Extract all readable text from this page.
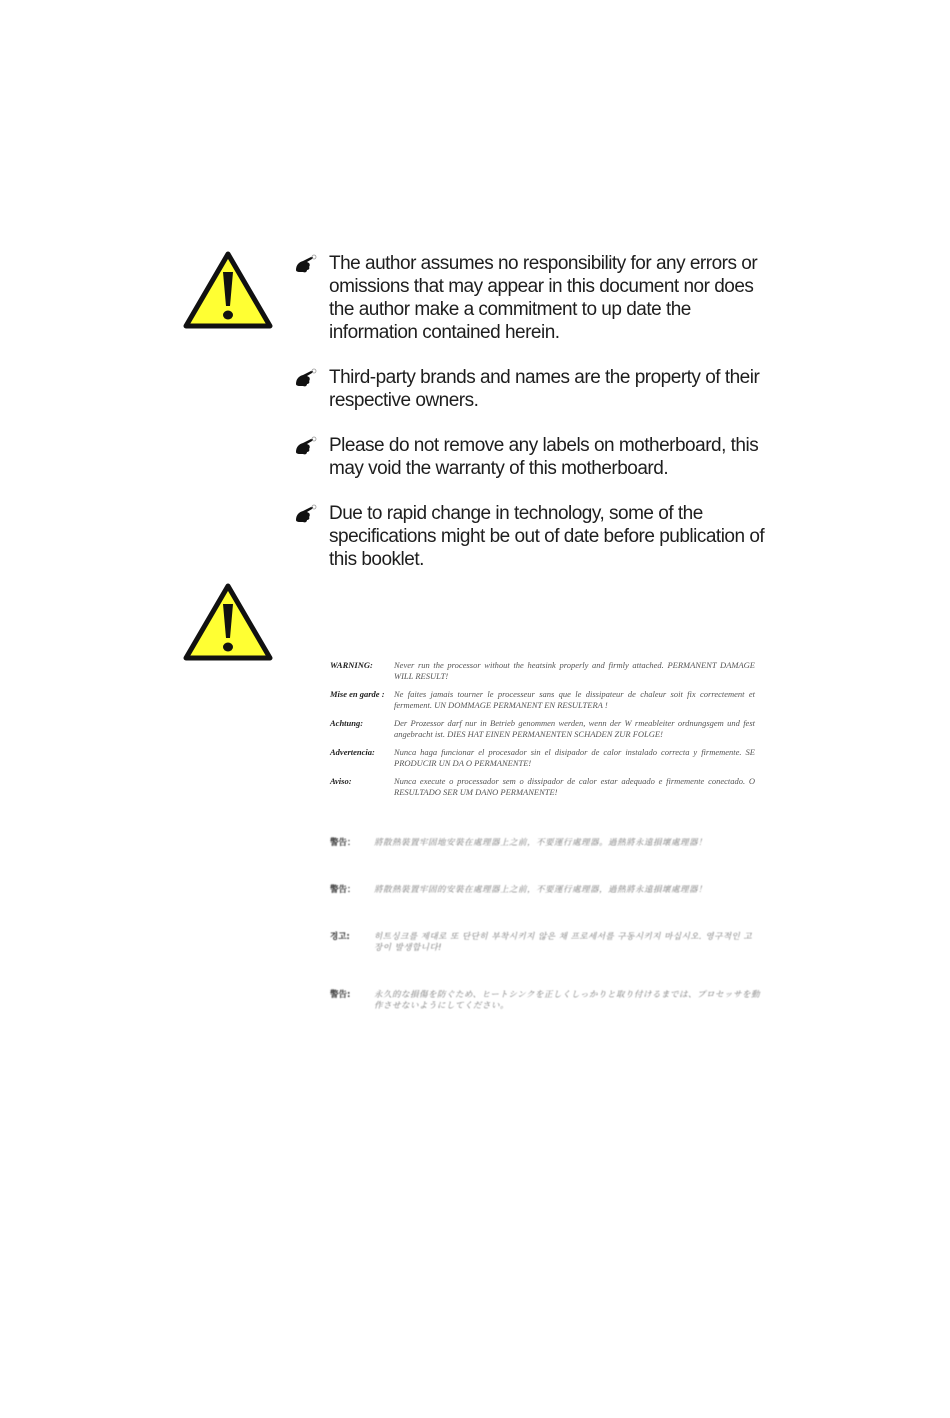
The author assumes no responsibility for any errors or omissions that may appear in this document nor does the author make a commitment to up date the information contained herein.
Third-party brands and names are the property of their respective owners.
Please do not remove any labels on motherboard, this may void the warranty of this motherboard.
Due to rapid change in technology, some of the specifications might be out of date before publication of this booklet.
WARNING:	Never run the processor without the heatsink properly and firmly attached. PERMANENT DAMAGE WILL RESULT!
Mise en garde :	Ne faites jamais tourner le processeur sans que le dissipateur de chaleur soit fix correctement et fermement. UN DOMMAGE PERMANENT EN RESULTERA !
Achtung:	Der Prozessor darf nur in Betrieb genommen werden, wenn der W rmeableiter ordnungsgem und fest angebracht ist. DIES HAT EINEN PERMANENTEN SCHADEN ZUR FOLGE!
Advertencia:	Nunca haga funcionar el procesador sin el disipador de calor instalado correcta y firmemente. SE PRODUCIR UN DA O PERMANENTE!
Aviso:	Nunca execute o processador sem o dissipador de calor estar adequado e firmemente conectado. O RESULTADO SER UM DANO PERMANENTE!
警告：	將散熱裝置牢固地安裝在處理器上之前，不要運行處理器。過熱將永遠損壞處理器！
警告：	將散熱裝置牢固的安裝在處理器上之前，不要運行處理器，過熱將永遠損壞處理器！
경고:	히트싱크를 제대로 또 단단히 부착시키지 않은 채 프로세서를 구동시키지 마십시오. 영구적인 고장이 발생합니다!
警告:	永久的な損傷を防ぐため、ヒートシンクを正しくしっかりと取り付けるまでは、プロセッサを動作させないようにしてください。
